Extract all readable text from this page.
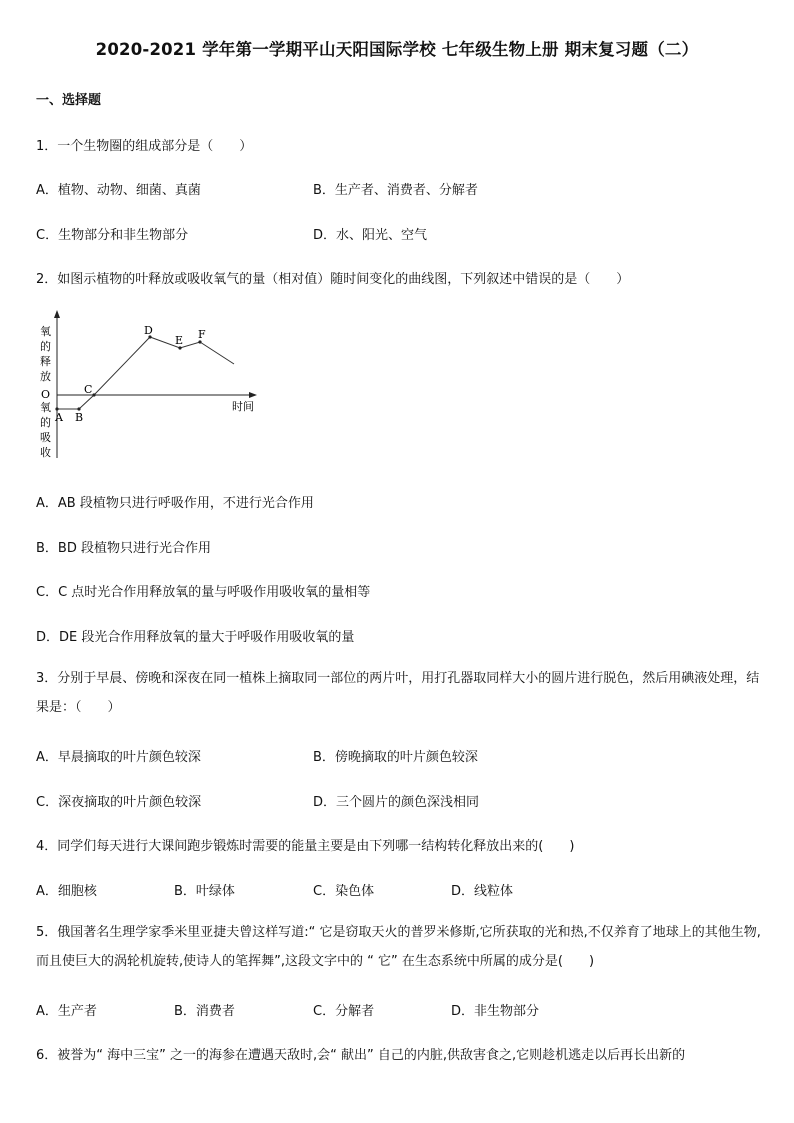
2020-2021 学年第一学期平山天阳国际学校 七年级生物上册 期末复习题（二）
一、选择题
1．一个生物圈的组成部分是（　　）
A．植物、动物、细菌、真菌	B．生产者、消费者、分解者
C．生物部分和非生物部分	D．水、阳光、空气
2．如图示植物的叶释放或吸收氧气的量（相对值）随时间变化的曲线图，下列叙述中错误的是（　　）
氧
的
释
放
O
氧
的
吸
收
时间
A B
C
D
E F
A．AB 段植物只进行呼吸作用，不进行光合作用
B．BD 段植物只进行光合作用
C．C 点时光合作用释放氧的量与呼吸作用吸收氧的量相等
D．DE 段光合作用释放氧的量大于呼吸作用吸收氧的量
3．分别于早晨、傍晚和深夜在同一植株上摘取同一部位的两片叶，用打孔器取同样大小的圆片进行脱色，然后用碘液处理，结果是：（　　）
A．早晨摘取的叶片颜色较深	B．傍晚摘取的叶片颜色较深
C．深夜摘取的叶片颜色较深	D．三个圆片的颜色深浅相同
4．同学们每天进行大课间跑步锻炼时需要的能量主要是由下列哪一结构转化释放出来的(　　)
A．细胞核	B．叶绿体	C．染色体	D．线粒体
5．俄国著名生理学家季米里亚捷夫曾这样写道:“ 它是窃取天火的普罗米修斯,它所获取的光和热,不仅养育了地球上的其他生物,而且使巨大的涡轮机旋转,使诗人的笔挥舞”,这段文字中的 “ 它” 在生态系统中所属的成分是(　　)
A．生产者	B．消费者	C．分解者	D．非生物部分
6．被誉为“ 海中三宝” 之一的海参在遭遇天敌时,会“ 献出” 自己的内脏,供敌害食之,它则趁机逃走以后再长出新的
